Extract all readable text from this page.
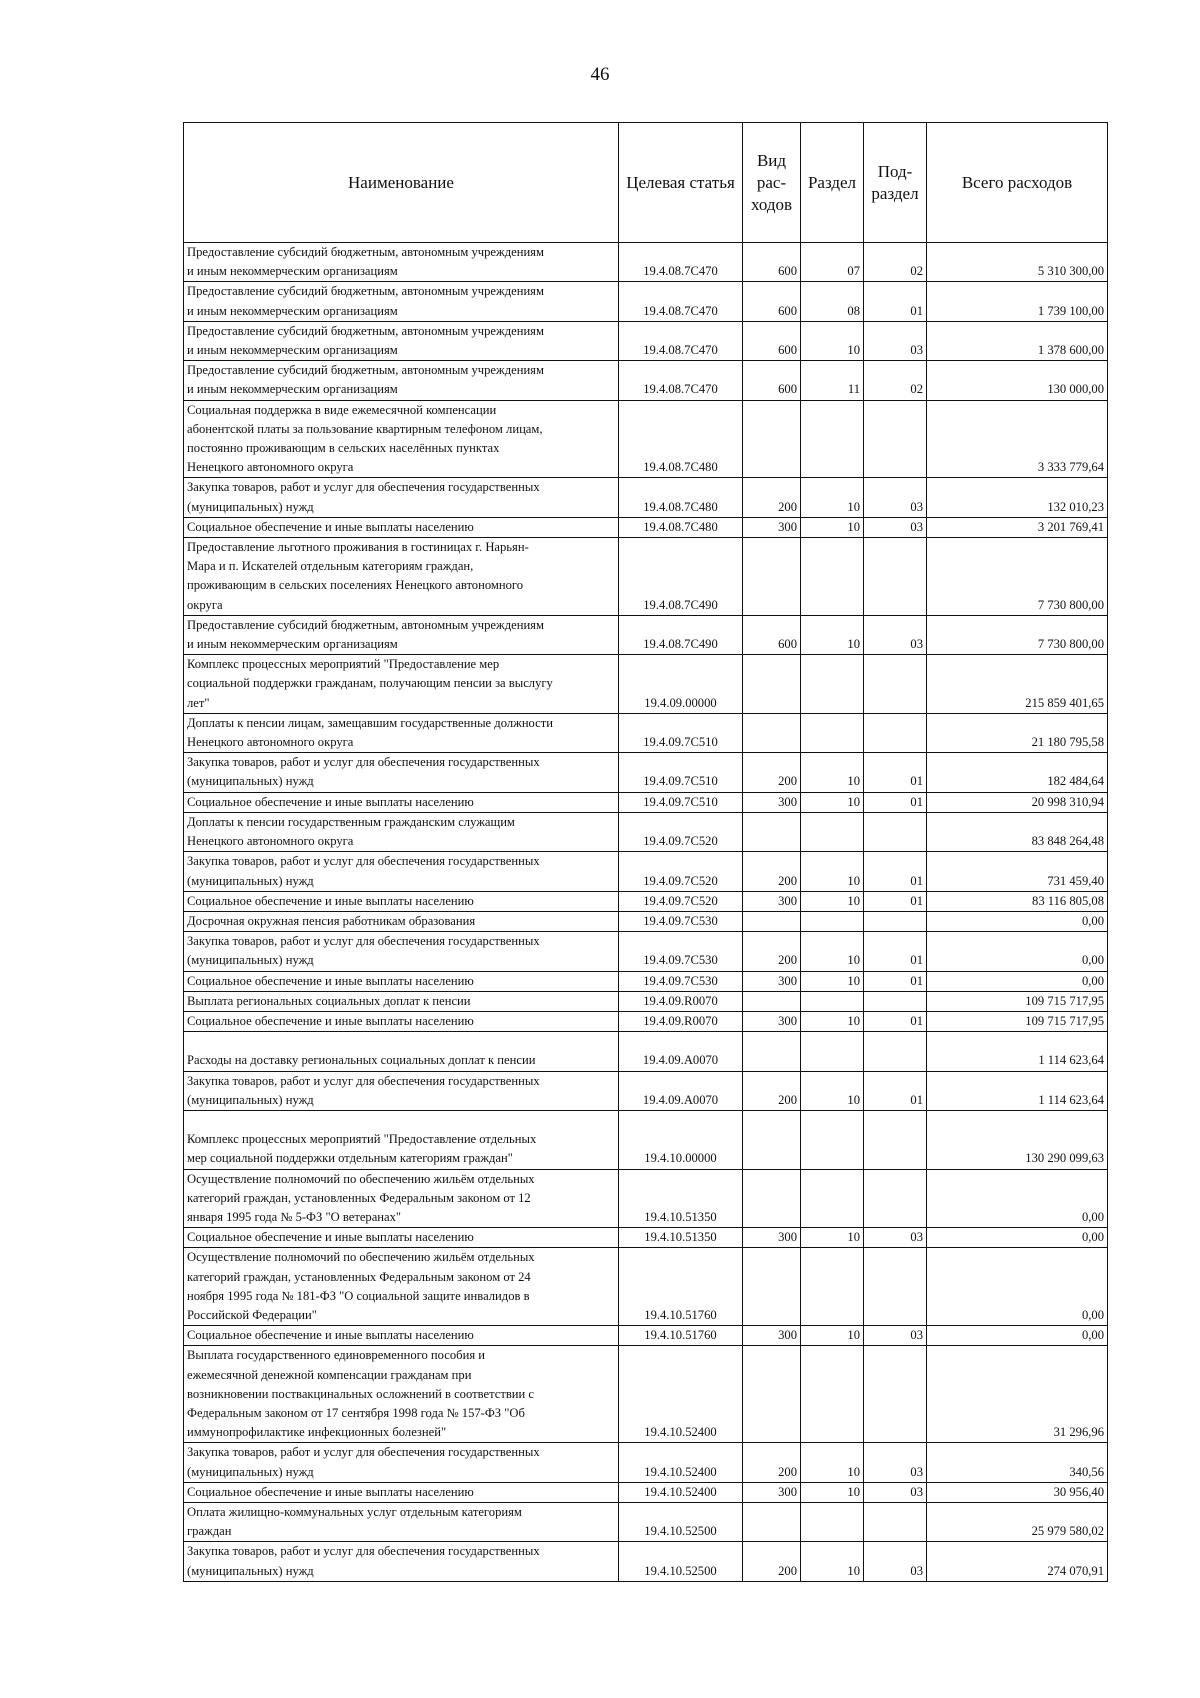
46
Наименование	Целевая статья	Вид
рас-
ходов	Раздел	Под-
раздел	Всего расходов
Предоставление субсидий бюджетным, автономным учреждениям
и иным некоммерческим организациям	19.4.08.7С470	600	07	02	5 310 300,00
Предоставление субсидий бюджетным, автономным учреждениям
и иным некоммерческим организациям	19.4.08.7С470	600	08	01	1 739 100,00
Предоставление субсидий бюджетным, автономным учреждениям
и иным некоммерческим организациям	19.4.08.7С470	600	10	03	1 378 600,00
Предоставление субсидий бюджетным, автономным учреждениям
и иным некоммерческим организациям	19.4.08.7С470	600	11	02	130 000,00
Социальная поддержка в виде ежемесячной компенсации
абонентской платы за пользование квартирным телефоном лицам,
постоянно проживающим в сельских населённых пунктах
Ненецкого автономного округа	19.4.08.7С480				3 333 779,64
Закупка товаров, работ и услуг для обеспечения государственных
(муниципальных) нужд	19.4.08.7С480	200	10	03	132 010,23
Социальное обеспечение и иные выплаты населению	19.4.08.7С480	300	10	03	3 201 769,41
Предоставление льготного проживания в гостиницах г. Нарьян-
Мара и п. Искателей отдельным категориям граждан,
проживающим в сельских поселениях Ненецкого автономного
округа	19.4.08.7С490				7 730 800,00
Предоставление субсидий бюджетным, автономным учреждениям
и иным некоммерческим организациям	19.4.08.7С490	600	10	03	7 730 800,00
Комплекс процессных мероприятий "Предоставление мер
социальной поддержки гражданам, получающим пенсии за выслугу
лет"	19.4.09.00000				215 859 401,65
Доплаты к пенсии лицам, замещавшим государственные должности
Ненецкого автономного округа	19.4.09.7С510				21 180 795,58
Закупка товаров, работ и услуг для обеспечения государственных
(муниципальных) нужд	19.4.09.7С510	200	10	01	182 484,64
Социальное обеспечение и иные выплаты населению	19.4.09.7С510	300	10	01	20 998 310,94
Доплаты к пенсии государственным гражданским служащим
Ненецкого автономного округа	19.4.09.7С520				83 848 264,48
Закупка товаров, работ и услуг для обеспечения государственных
(муниципальных) нужд	19.4.09.7С520	200	10	01	731 459,40
Социальное обеспечение и иные выплаты населению	19.4.09.7С520	300	10	01	83 116 805,08
Досрочная окружная пенсия работникам образования	19.4.09.7С530				0,00
Закупка товаров, работ и услуг для обеспечения государственных
(муниципальных) нужд	19.4.09.7С530	200	10	01	0,00
Социальное обеспечение и иные выплаты населению	19.4.09.7С530	300	10	01	0,00
Выплата региональных социальных доплат к пенсии	19.4.09.R0070				109 715 717,95
Социальное обеспечение и иные выплаты населению	19.4.09.R0070	300	10	01	109 715 717,95

Расходы на доставку региональных социальных доплат к пенсии	19.4.09.А0070				1 114 623,64
Закупка товаров, работ и услуг для обеспечения государственных
(муниципальных) нужд	19.4.09.А0070	200	10	01	1 114 623,64

Комплекс процессных мероприятий "Предоставление отдельных
мер социальной поддержки отдельным категориям граждан"	19.4.10.00000				130 290 099,63
Осуществление полномочий по обеспечению жильём отдельных
категорий граждан, установленных Федеральным законом от 12
января 1995 года № 5-ФЗ "О ветеранах"	19.4.10.51350				0,00
Социальное обеспечение и иные выплаты населению	19.4.10.51350	300	10	03	0,00
Осуществление полномочий по обеспечению жильём отдельных
категорий граждан, установленных Федеральным законом от 24
ноября 1995 года № 181-ФЗ "О социальной защите инвалидов в
Российской Федерации"	19.4.10.51760				0,00
Социальное обеспечение и иные выплаты населению	19.4.10.51760	300	10	03	0,00
Выплата государственного единовременного пособия и
ежемесячной денежной компенсации гражданам при
возникновении поствакцинальных осложнений в соответствии с
Федеральным законом от 17 сентября 1998 года № 157-ФЗ "Об
иммунопрофилактике инфекционных болезней"	19.4.10.52400				31 296,96
Закупка товаров, работ и услуг для обеспечения государственных
(муниципальных) нужд	19.4.10.52400	200	10	03	340,56
Социальное обеспечение и иные выплаты населению	19.4.10.52400	300	10	03	30 956,40
Оплата жилищно-коммунальных услуг отдельным категориям
граждан	19.4.10.52500				25 979 580,02
Закупка товаров, работ и услуг для обеспечения государственных
(муниципальных) нужд	19.4.10.52500	200	10	03	274 070,91
